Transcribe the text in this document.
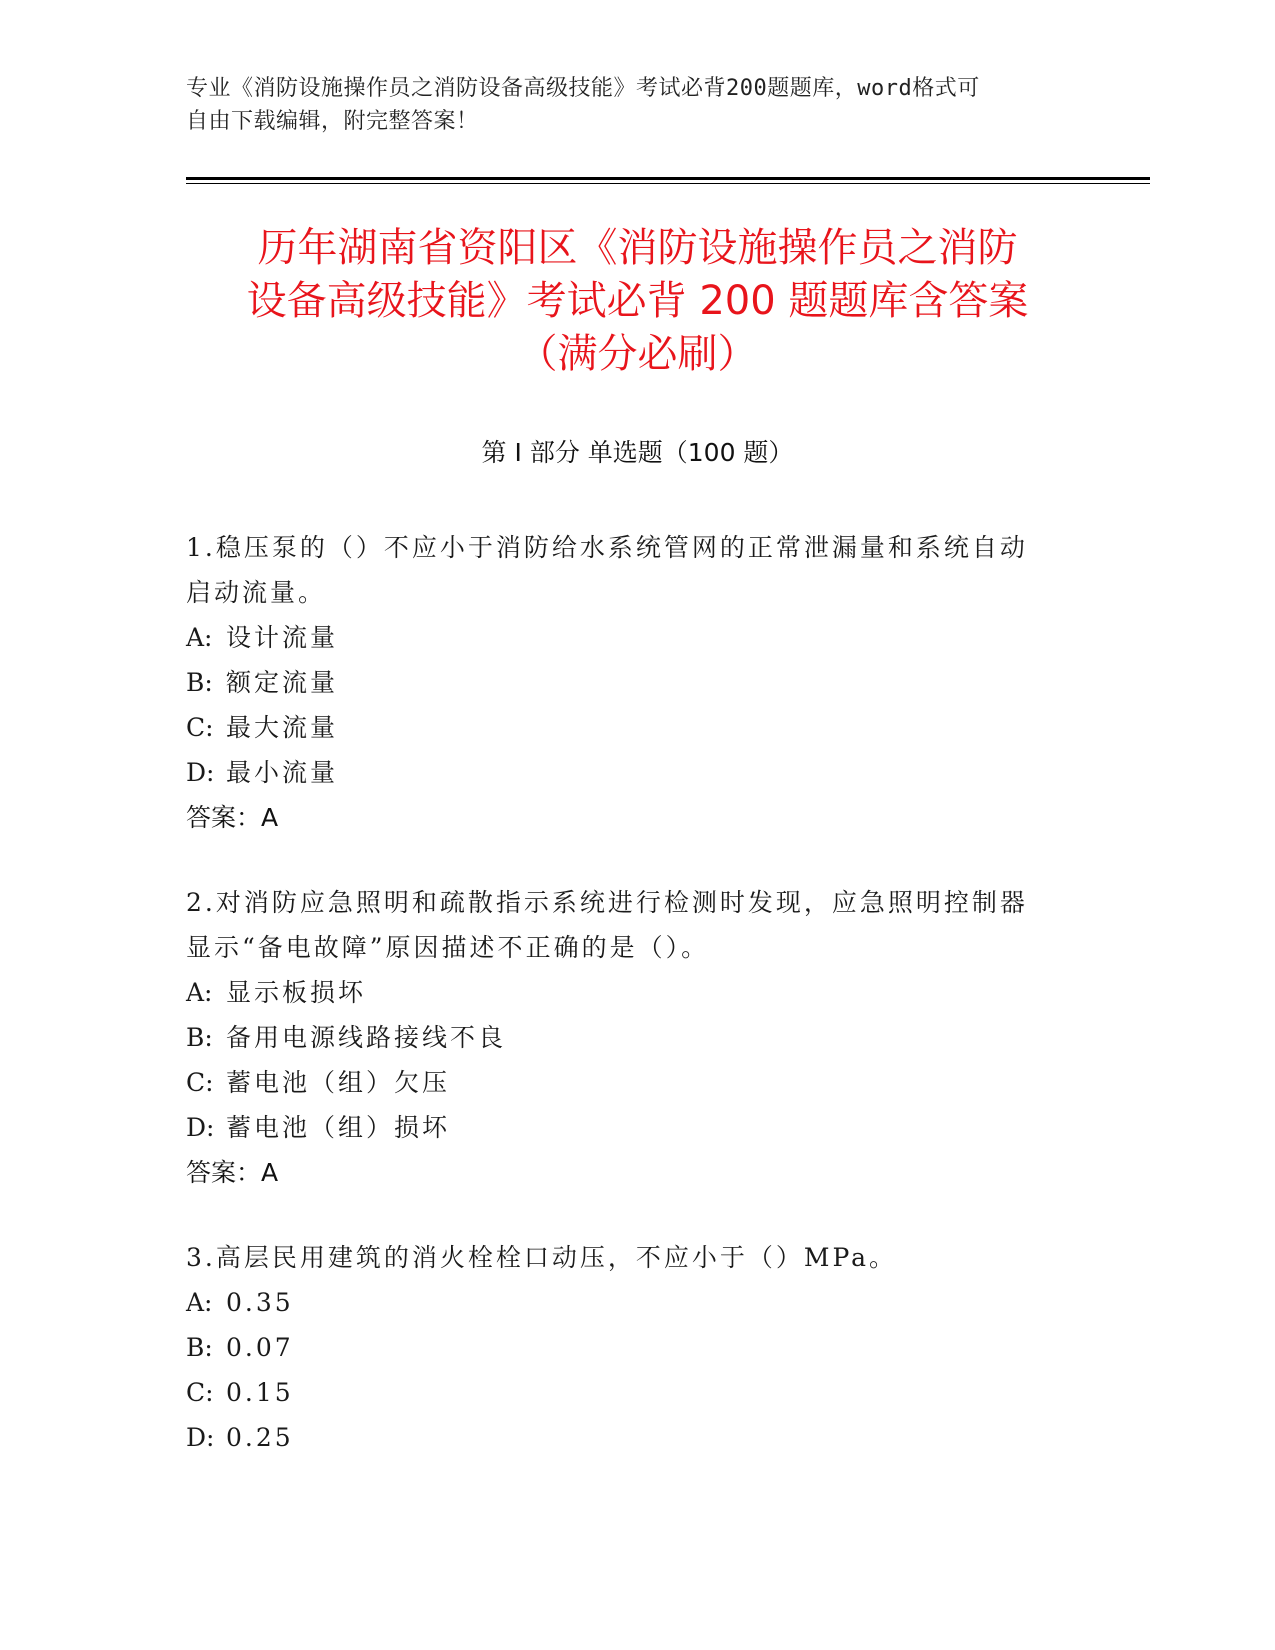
专业《消防设施操作员之消防设备高级技能》考试必背200题题库，word格式可
自由下载编辑，附完整答案！
历年湖南省资阳区《消防设施操作员之消防
设备高级技能》考试必背 200 题题库含答案
（满分必刷）
第 I 部分 单选题（100 题）
1.稳压泵的（）不应小于消防给水系统管网的正常泄漏量和系统自动
启动流量。
A: 设计流量
B: 额定流量
C: 最大流量
D: 最小流量
答案：A
2.对消防应急照明和疏散指示系统进行检测时发现，应急照明控制器
显示“备电故障”原因描述不正确的是（）。
A: 显示板损坏
B: 备用电源线路接线不良
C: 蓄电池（组）欠压
D: 蓄电池（组）损坏
答案：A
3.高层民用建筑的消火栓栓口动压，不应小于（）MPa。
A: 0.35
B: 0.07
C: 0.15
D: 0.25
